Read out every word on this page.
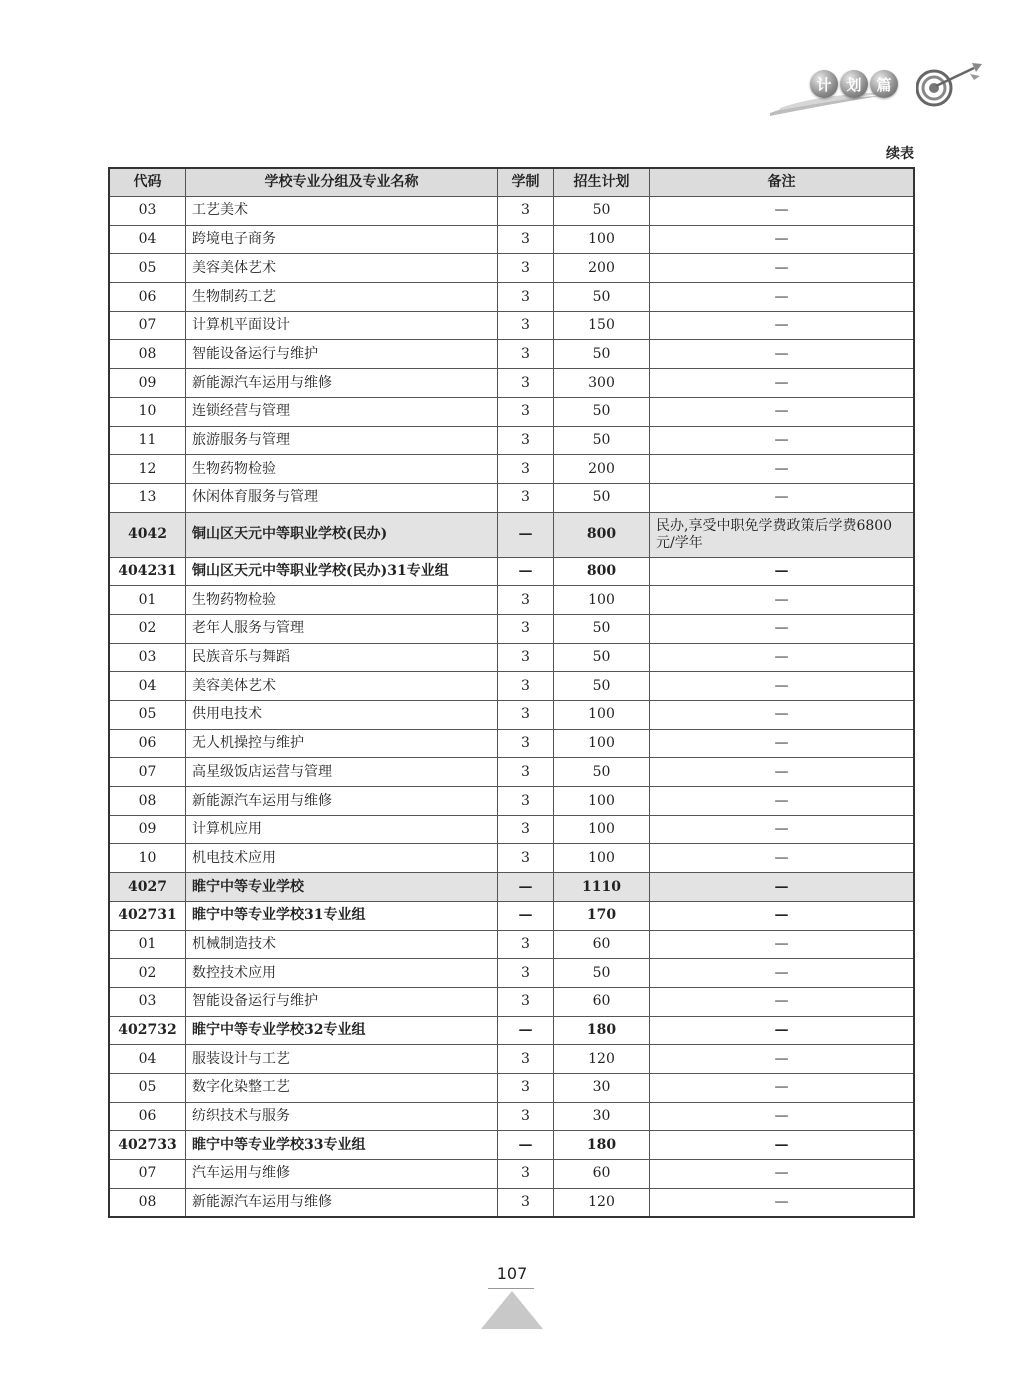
计 划 篇
续表
代码	学校专业分组及专业名称	学制	招生计划	备注
03	工艺美术	3	50	—
04	跨境电子商务	3	100	—
05	美容美体艺术	3	200	—
06	生物制药工艺	3	50	—
07	计算机平面设计	3	150	—
08	智能设备运行与维护	3	50	—
09	新能源汽车运用与维修	3	300	—
10	连锁经营与管理	3	50	—
11	旅游服务与管理	3	50	—
12	生物药物检验	3	200	—
13	休闲体育服务与管理	3	50	—
4042	铜山区天元中等职业学校(民办)	—	800	民办,享受中职免学费政策后学费6800元/学年
404231	铜山区天元中等职业学校(民办)31专业组	—	800	—
01	生物药物检验	3	100	—
02	老年人服务与管理	3	50	—
03	民族音乐与舞蹈	3	50	—
04	美容美体艺术	3	50	—
05	供用电技术	3	100	—
06	无人机操控与维护	3	100	—
07	高星级饭店运营与管理	3	50	—
08	新能源汽车运用与维修	3	100	—
09	计算机应用	3	100	—
10	机电技术应用	3	100	—
4027	睢宁中等专业学校	—	1110	—
402731	睢宁中等专业学校31专业组	—	170	—
01	机械制造技术	3	60	—
02	数控技术应用	3	50	—
03	智能设备运行与维护	3	60	—
402732	睢宁中等专业学校32专业组	—	180	—
04	服装设计与工艺	3	120	—
05	数字化染整工艺	3	30	—
06	纺织技术与服务	3	30	—
402733	睢宁中等专业学校33专业组	—	180	—
07	汽车运用与维修	3	60	—
08	新能源汽车运用与维修	3	120	—
107
